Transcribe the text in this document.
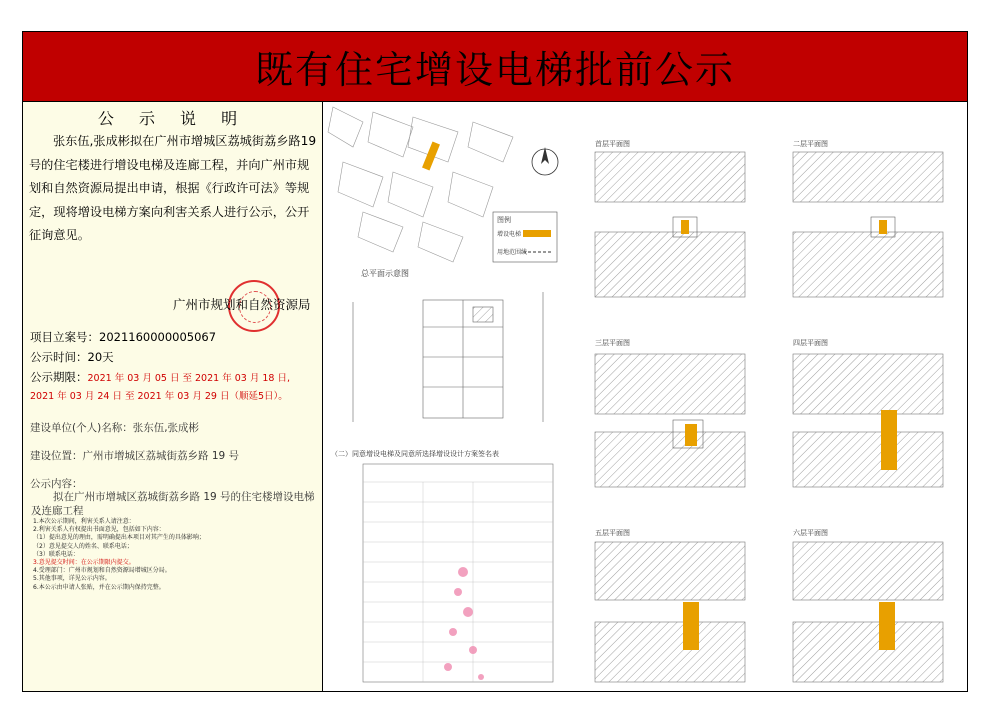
既有住宅增设电梯批前公示
公 示 说 明
张东伍,张成彬拟在广州市增城区荔城街荔乡路19号的住宅楼进行增设电梯及连廊工程，并向广州市规划和自然资源局提出申请，根据《行政许可法》等规定，现将增设电梯方案向利害关系人进行公示，公开征询意见。
广州市规划和自然资源局
项目立案号：2021160000005067
公示时间：20天
公示期限：2021 年 03 月 05 日 至 2021 年 03 月 18 日,
2021 年 03 月 24 日 至 2021 年 03 月 29 日（顺延5日）。
建设单位(个人)名称：张东伍,张成彬
建设位置：广州市增城区荔城街荔乡路 19 号
公示内容：
拟在广州市增城区荔城街荔乡路 19 号的住宅楼增设电梯及连廊工程
1.本次公示期间，利害关系人请注意：
2.利害关系人有权提出书面意见，包括如下内容：
（1）提出意见的理由，需明确提出本项目对其产生的具体影响；
（2）意见提交人的姓名、联系电话；
（3）联系电话：
3.意见提交时间：在公示期限内提交。
4.受理部门：广州市规划和自然资源局增城区分局。
5.其他事项，详见公示内容。
6.本公示由申请人张贴，并在公示期内保持完整。
图例
增设电梯
用地范围线
总平面示意图
（二）同意增设电梯及同意所选择增设设计方案签名表
首层平面图	二层平面图
三层平面图	四层平面图
五层平面图	六层平面图
